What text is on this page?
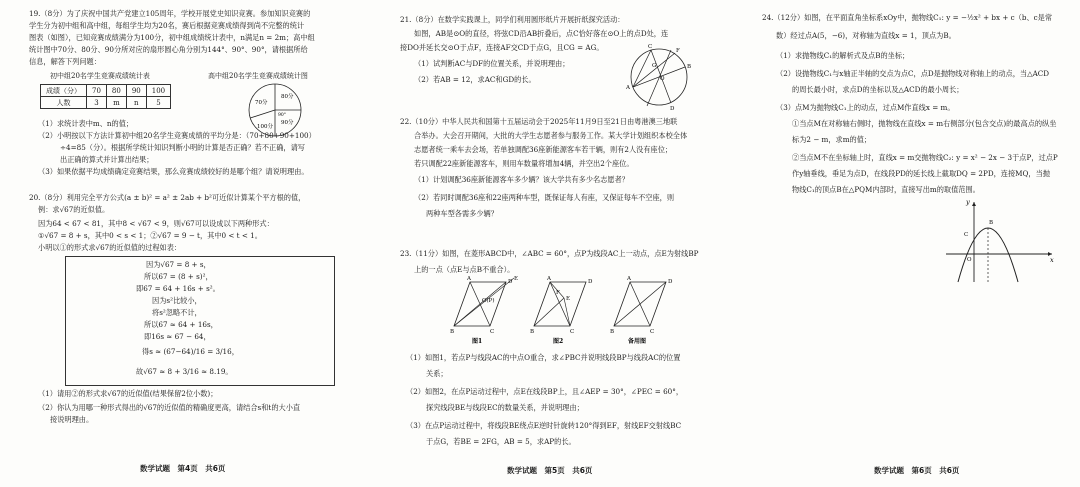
19.（8分）为了庆祝中国共产党建立105周年，学校开展党史知识竞赛。参加知识竞赛的
学生分为初中组和高中组，每组学生均为20名，赛后根据竞赛成绩得到尚不完整的统计
图表（如图），已知竞赛成绩满分为100分，初中组成绩统计表中，n满足n = 2m；高中组
统计图中70分、80分、90分所对应的扇形圆心角分别为144°、90°、90°，请根据所给
信息，解答下列问题：
初中组20名学生竞赛成绩统计表	高中组20名学生竞赛成绩统计图
成绩（分）	70	80	90	100
人数	3	m	n	5	70分
80分
90分
100分
90°
（1）求统计表中m、n的值；
（2）小明按以下方法计算初中组20名学生竞赛成绩的平均分是：（70+80+90+100）
÷4=85（分）。根据所学统计知识判断小明的计算是否正确？若不正确，请写
出正确的算式并计算出结果；
（3）如果依据平均成绩确定竞赛结果，那么竞赛成绩较好的是哪个组？请说明理由。
20.（8分）利用完全平方公式(a ± b)² = a² ± 2ab + b²可近似计算某个平方根的值，
例：求√67的近似值。
因为64 < 67 < 81，其中8 < √67 < 9，则√67可以设成以下两种形式：
①√67 = 8 + s，其中0 < s < 1；②√67 = 9 − t，其中0 < t < 1。
小明以①的形式求√67的近似值的过程如表：
因为√67 = 8 + s，
所以67 = (8 + s)²，
即67 = 64 + 16s + s²。
因为s²比较小，
将s²忽略不计，
所以67 ≈ 64 + 16s，
即16s ≈ 67 − 64，
得s ≈ (67−64)/16 = 3/16，
故√67 ≈ 8 + 3/16 ≈ 8.19。
（1）请用②的形式求√67的近似值(结果保留2位小数)；
（2）你认为用哪一种形式得出的√67的近似值的精确度更高，请结合s和t的大小直
接说明理由。
数学试题　第4页　共6页
21.（8分）在数学实践课上，同学们利用圆形纸片开展折纸探究活动：
如图，AB是⊙O的直径，将弦CD沿AB折叠后，点C恰好落在⊙O上的点D处，连
接DO并延长交⊙O于点F，连接AF交CD于点G，且CG = AG。
（1）试判断AC与DF的位置关系，并说明理由；
（2）若AB = 12，求AC和GD的长。
C
G
A
B
O
D
F
22.（10分）中华人民共和国第十五届运动会于2025年11月9日至21日由粤港澳三地联
合举办。大会召开期间，大批的大学生志愿者参与服务工作。某大学计划组织本校全体
志愿者统一乘车去会场，若单独调配36座新能源客车若干辆，则有2人没有座位；
若只调配22座新能源客车，则用车数量将增加4辆，并空出2个座位。
（1）计划调配36座新能源客车多少辆？该大学共有多少名志愿者？
（2）若同时调配36座和22座两种车型，既保证每人有座，又保证每车不空座，则
两种车型各需多少辆？
23.（11分）如图，在菱形ABCD中，∠ABC = 60°，点P为线段AC上一动点，点E为射线BP
上的一点（点E与点B不重合）。
A	D
O(P)
B	C
E	A	D
F
E
B	C
A	D
B	C
图1	图2	备用图
（1）如图1，若点P与线段AC的中点O重合，求∠PBC并说明线段BP与线段AC的位置
关系；
（2）如图2，在点P运动过程中，点E在线段BP上，且∠AEP = 30°，∠PEC = 60°，
探究线段BE与线段EC的数量关系，并说明理由；
（3）在点P运动过程中，将线段BE绕点E逆时针旋转120°得到EF，射线EF交射线BC
于点G，若BE = 2FG，AB = 5，求AP的长。
数学试题　第5页　共6页
24.（12分）如图，在平面直角坐标系xOy中，抛物线C₁: y = −½x² + bx + c（b、c是常
数）经过点A(5，−6)，对称轴为直线x = 1，顶点为B。
（1）求抛物线C₁的解析式及点B的坐标；
（2）设抛物线C₁与x轴正半轴的交点为点C，点D是抛物线对称轴上的动点，当△ACD
的周长最小时，求点D的坐标以及△ACD的最小周长；
（3）点M为抛物线C₁上的动点，过点M作直线x = m。
①当点M在对称轴右侧时，抛物线在直线x = m右侧部分(包含交点)的最高点的纵坐
标为2 − m，求m的值；
②当点M不在坐标轴上时，直线x = m交抛物线C₂: y = x² − 2x − 3于点P，过点P
作y轴垂线，垂足为点D，在线段PD的延长线上截取DQ = 2PD，连接MQ，当抛
物线C₁的顶点B在△PQM内部时，直接写出m的取值范围。
y
x
O
B
C
数学试题　第6页　共6页
